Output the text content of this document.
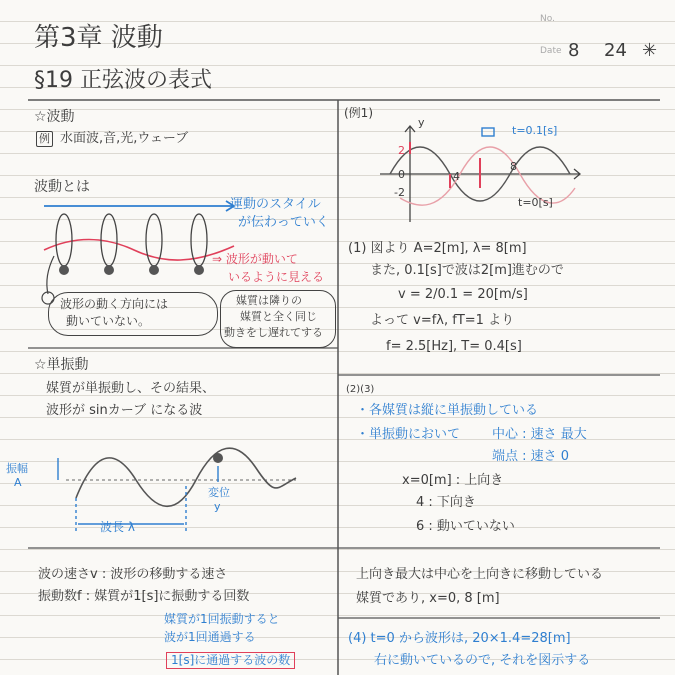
第3章 波動
No.
Date 8 24 ✳
§19 正弦波の表式
☆波動
例 水面波,音,光,ウェーブ
波動とは
運動のスタイル
が伝わっていく
⇒ 波形が動いて
いるように見える
波形の動く方向には
動いていない。
媒質は隣りの
媒質と全く同じ
動きをし遅れてする
☆単振動
媒質が単振動し、その結果、
波形が sinカーブ になる波
振幅
A
変位
y
波長 λ
波の速さv : 波形の移動する速さ
振動数f : 媒質が1[s]に振動する回数
媒質が1回振動すると
波が1回通過する
1[s]に通過する波の数
(例1)
y
t=0.1[s]
t=0[s]
2
0
-2
4
8
(1) 図より A=2[m], λ= 8[m]
また, 0.1[s]で波は2[m]進むので
v = 2/0.1 = 20[m/s]
よって v=fλ, fT=1 より
f= 2.5[Hz], T= 0.4[s]
(2)(3)
・各媒質は縦に単振動している
・単振動において 中心 : 速さ 最大
端点 : 速さ 0
x=0[m] : 上向き
4 : 下向き
6 : 動いていない
上向き最大は中心を上向きに移動している
媒質であり, x=0, 8 [m]
(4) t=0 から波形は, 20×1.4=28[m]
右に動いているので, それを図示する
